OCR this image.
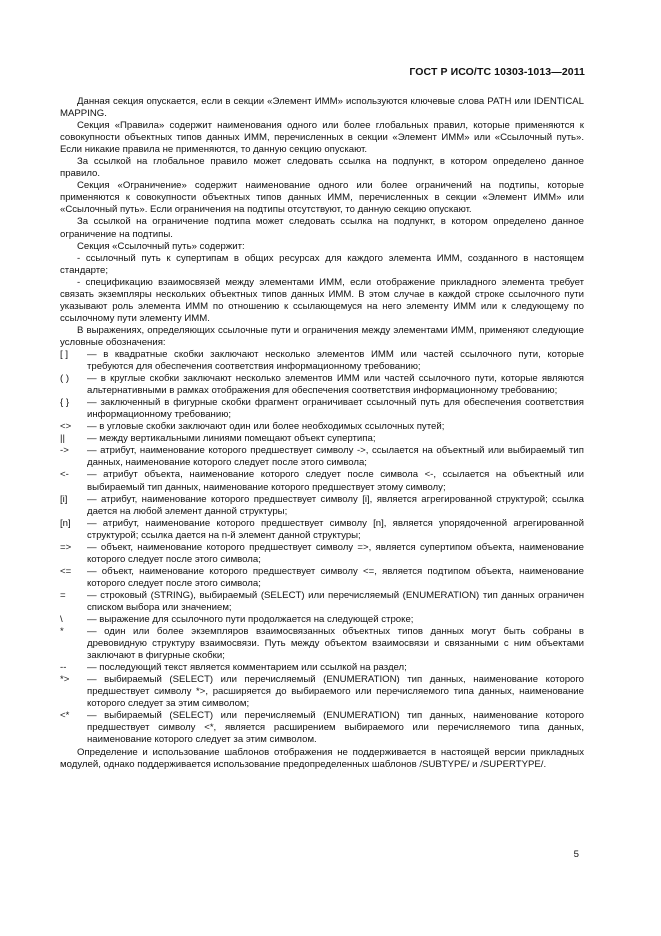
ГОСТ Р ИСО/ТС 10303-1013—2011

Данная секция опускается, если в секции «Элемент ИММ» используются ключевые слова PATH или IDENTICAL MAPPING.

Секция «Правила» содержит наименования одного или более глобальных правил, которые применяются к совокупности объектных типов данных ИММ, перечисленных в секции «Элемент ИММ» или «Ссылочный путь». Если никакие правила не применяются, то данную секцию опускают.

За ссылкой на глобальное правило может следовать ссылка на подпункт, в котором определено данное правило.

Секция «Ограничение» содержит наименование одного или более ограничений на подтипы, которые применяются к совокупности объектных типов данных ИММ, перечисленных в секции «Элемент ИММ» или «Ссылочный путь». Если ограничения на подтипы отсутствуют, то данную секцию опускают.

За ссылкой на ограничение подтипа может следовать ссылка на подпункт, в котором определено данное ограничение на подтипы.

Секция «Ссылочный путь» содержит:

- ссылочный путь к супертипам в общих ресурсах для каждого элемента ИММ, созданного в настоящем стандарте;

- спецификацию взаимосвязей между элементами ИММ, если отображение прикладного элемента требует связать экземпляры нескольких объектных типов данных ИММ. В этом случае в каждой строке ссылочного пути указывают роль элемента ИММ по отношению к ссылающемуся на него элементу ИММ или к следующему по ссылочному пути элементу ИММ.

В выражениях, определяющих ссылочные пути и ограничения между элементами ИММ, применяют следующие условные обозначения:

[ ] — в квадратные скобки заключают несколько элементов ИММ или частей ссылочного пути, которые требуются для обеспечения соответствия информационному требованию;

( ) — в круглые скобки заключают несколько элементов ИММ или частей ссылочного пути, которые являются альтернативными в рамках отображения для обеспечения соответствия информационному требованию;

{ } — заключенный в фигурные скобки фрагмент ограничивает ссылочный путь для обеспечения соответствия информационному требованию;

<> — в угловые скобки заключают один или более необходимых ссылочных путей;

|| — между вертикальными линиями помещают объект супертипа;

-> — атрибут, наименование которого предшествует символу ->, ссылается на объектный или выбираемый тип данных, наименование которого следует после этого символа;

<- — атрибут объекта, наименование которого следует после символа <-, ссылается на объектный или выбираемый тип данных, наименование которого предшествует этому символу;

[i] — атрибут, наименование которого предшествует символу [i], является агрегированной структурой; ссылка дается на любой элемент данной структуры;

[n] — атрибут, наименование которого предшествует символу [n], является упорядоченной агрегированной структурой; ссылка дается на n-й элемент данной структуры;

=> — объект, наименование которого предшествует символу =>, является супертипом объекта, наименование которого следует после этого символа;

<= — объект, наименование которого предшествует символу <=, является подтипом объекта, наименование которого следует после этого символа;

= — строковый (STRING), выбираемый (SELECT) или перечисляемый (ENUMERATION) тип данных ограничен списком выбора или значением;

\	— выражение для ссылочного пути продолжается на следующей строке;

* — один или более экземпляров взаимосвязанных объектных типов данных могут быть собраны в древовидную структуру взаимосвязи. Путь между объектом взаимосвязи и связанными с ним объектами заключают в фигурные скобки;

-- — последующий текст является комментарием или ссылкой на раздел;

*> — выбираемый (SELECT) или перечисляемый (ENUMERATION) тип данных, наименование которого предшествует символу *>, расширяется до выбираемого или перечисляемого типа данных, наименование которого следует за этим символом;

<* — выбираемый (SELECT) или перечисляемый (ENUMERATION) тип данных, наименование которого предшествует символу <*, является расширением выбираемого или перечисляемого типа данных, наименование которого следует за этим символом.

Определение и использование шаблонов отображения не поддерживается в настоящей версии прикладных модулей, однако поддерживается использование предопределенных шаблонов /SUBTYPE/ и /SUPERTYPE/.

5
